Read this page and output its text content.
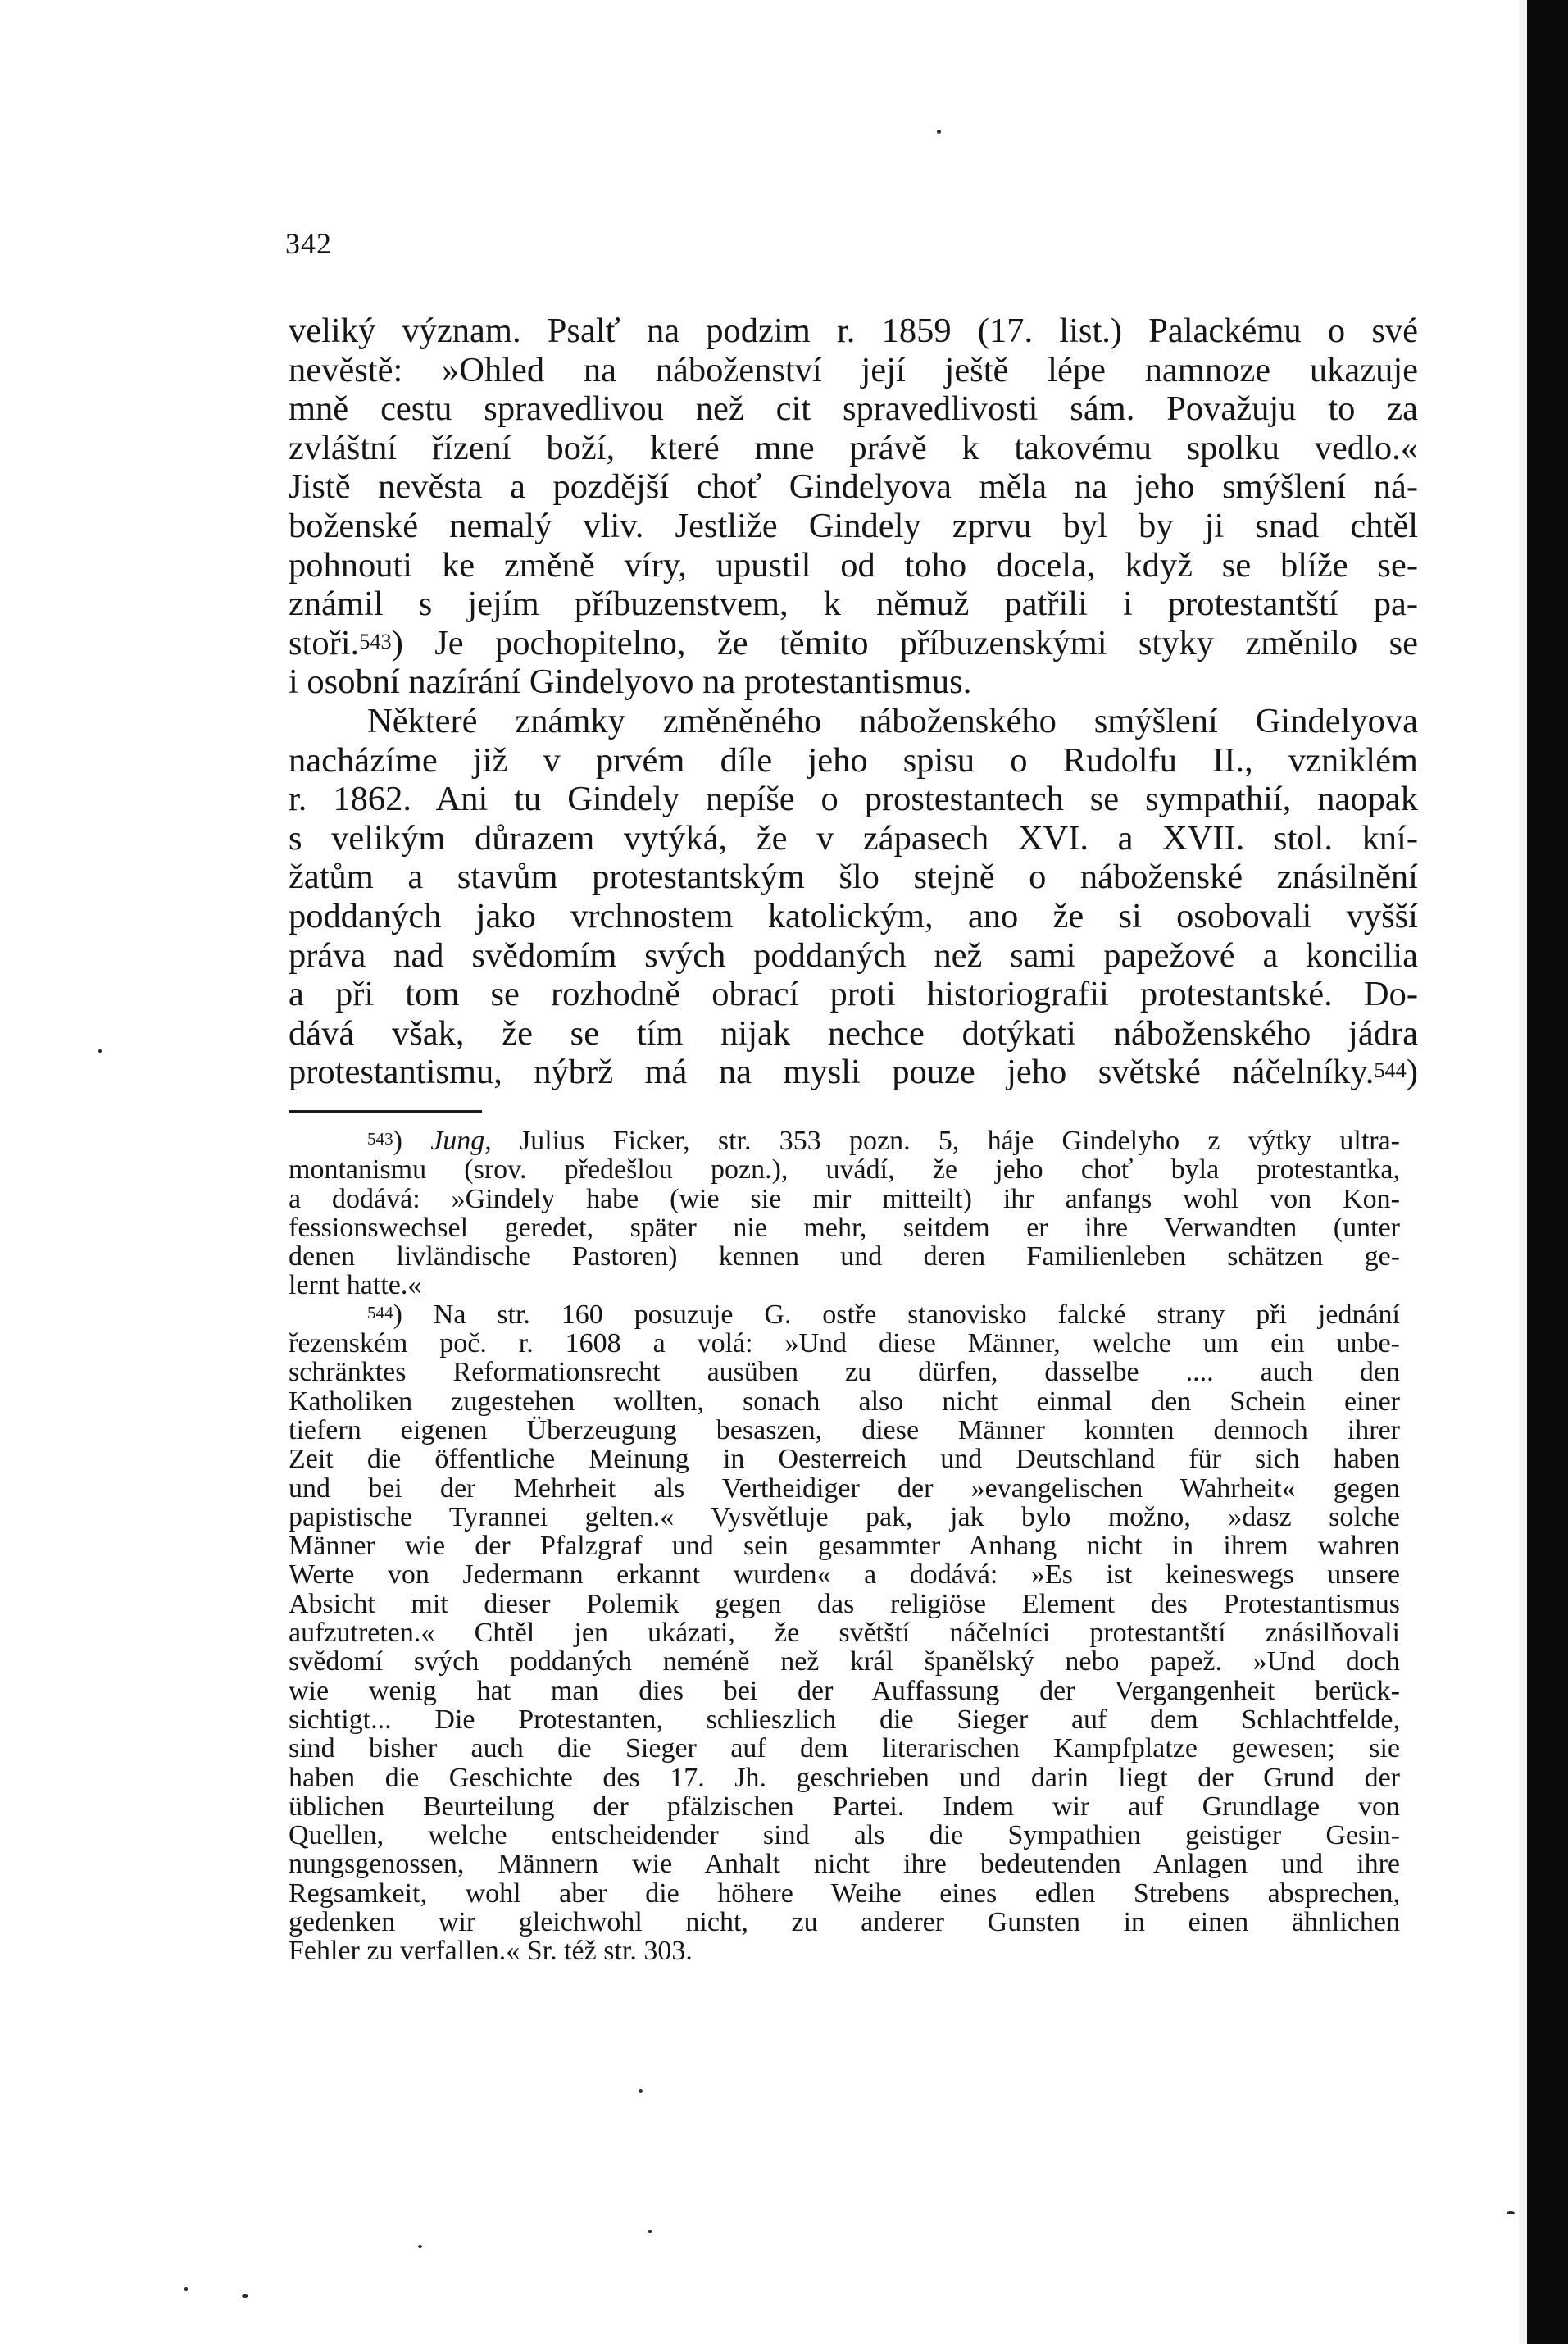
342
veliký význam. Psalť na podzim r. 1859 (17. list.) Palackému o své
nevěstě: »Ohled na náboženství její ještě lépe namnoze ukazuje
mně cestu spravedlivou než cit spravedlivosti sám. Považuju to za
zvláštní řízení boží, které mne právě k takovému spolku vedlo.«
Jistě nevěsta a pozdější choť Gindelyova měla na jeho smýšlení ná-
boženské nemalý vliv. Jestliže Gindely zprvu byl by ji snad chtěl
pohnouti ke změně víry, upustil od toho docela, když se blíže se-
známil s jejím příbuzenstvem, k němuž patřili i protestantští pa-
stoři.$^{543}$) Je pochopitelno, že těmito příbuzenskými styky změnilo se
i osobní nazírání Gindelyovo na protestantismus.
Některé známky změněného náboženského smýšlení Gindelyova
nacházíme již v prvém díle jeho spisu o Rudolfu II., vzniklém
r. 1862. Ani tu Gindely nepíše o prostestantech se sympathií, naopak
s velikým důrazem vytýká, že v zápasech XVI. a XVII. stol. kní-
žatům a stavům protestantským šlo stejně o náboženské znásilnění
poddaných jako vrchnostem katolickým, ano že si osobovali vyšší
práva nad svědomím svých poddaných než sami papežové a koncilia
a při tom se rozhodně obrací proti historiografii protestantské. Do-
dává však, že se tím nijak nechce dotýkati náboženského jádra
protestantismu, nýbrž má na mysli pouze jeho světské náčelníky.$^{544}$)
$^{543}$) Jung, Julius Ficker, str. 353 pozn. 5, háje Gindelyho z výtky ultra-
montanismu (srov. předešlou pozn.), uvádí, že jeho choť byla protestantka,
a dodává: »Gindely habe (wie sie mir mitteilt) ihr anfangs wohl von Kon-
fessionswechsel geredet, später nie mehr, seitdem er ihre Verwandten (unter
denen livländische Pastoren) kennen und deren Familienleben schätzen ge-
lernt hatte.«
$^{544}$) Na str. 160 posuzuje G. ostře stanovisko falcké strany při jednání
řezenském poč. r. 1608 a volá: »Und diese Männer, welche um ein unbe-
schränktes Reformationsrecht ausüben zu dürfen, dasselbe .... auch den
Katholiken zugestehen wollten, sonach also nicht einmal den Schein einer
tiefern eigenen Überzeugung besaszen, diese Männer konnten dennoch ihrer
Zeit die öffentliche Meinung in Oesterreich und Deutschland für sich haben
und bei der Mehrheit als Vertheidiger der »evangelischen Wahrheit« gegen
papistische Tyrannei gelten.« Vysvětluje pak, jak bylo možno, »dasz solche
Männer wie der Pfalzgraf und sein gesammter Anhang nicht in ihrem wahren
Werte von Jedermann erkannt wurden« a dodává: »Es ist keineswegs unsere
Absicht mit dieser Polemik gegen das religiöse Element des Protestantismus
aufzutreten.« Chtěl jen ukázati, že světští náčelníci protestantští znásilňovali
svědomí svých poddaných neméně než král španělský nebo papež. »Und doch
wie wenig hat man dies bei der Auffassung der Vergangenheit berück-
sichtigt... Die Protestanten, schlieszlich die Sieger auf dem Schlachtfelde,
sind bisher auch die Sieger auf dem literarischen Kampfplatze gewesen; sie
haben die Geschichte des 17. Jh. geschrieben und darin liegt der Grund der
üblichen Beurteilung der pfälzischen Partei. Indem wir auf Grundlage von
Quellen, welche entscheidender sind als die Sympathien geistiger Gesin-
nungsgenossen, Männern wie Anhalt nicht ihre bedeutenden Anlagen und ihre
Regsamkeit, wohl aber die höhere Weihe eines edlen Strebens absprechen,
gedenken wir gleichwohl nicht, zu anderer Gunsten in einen ähnlichen
Fehler zu verfallen.« Sr. též str. 303.
